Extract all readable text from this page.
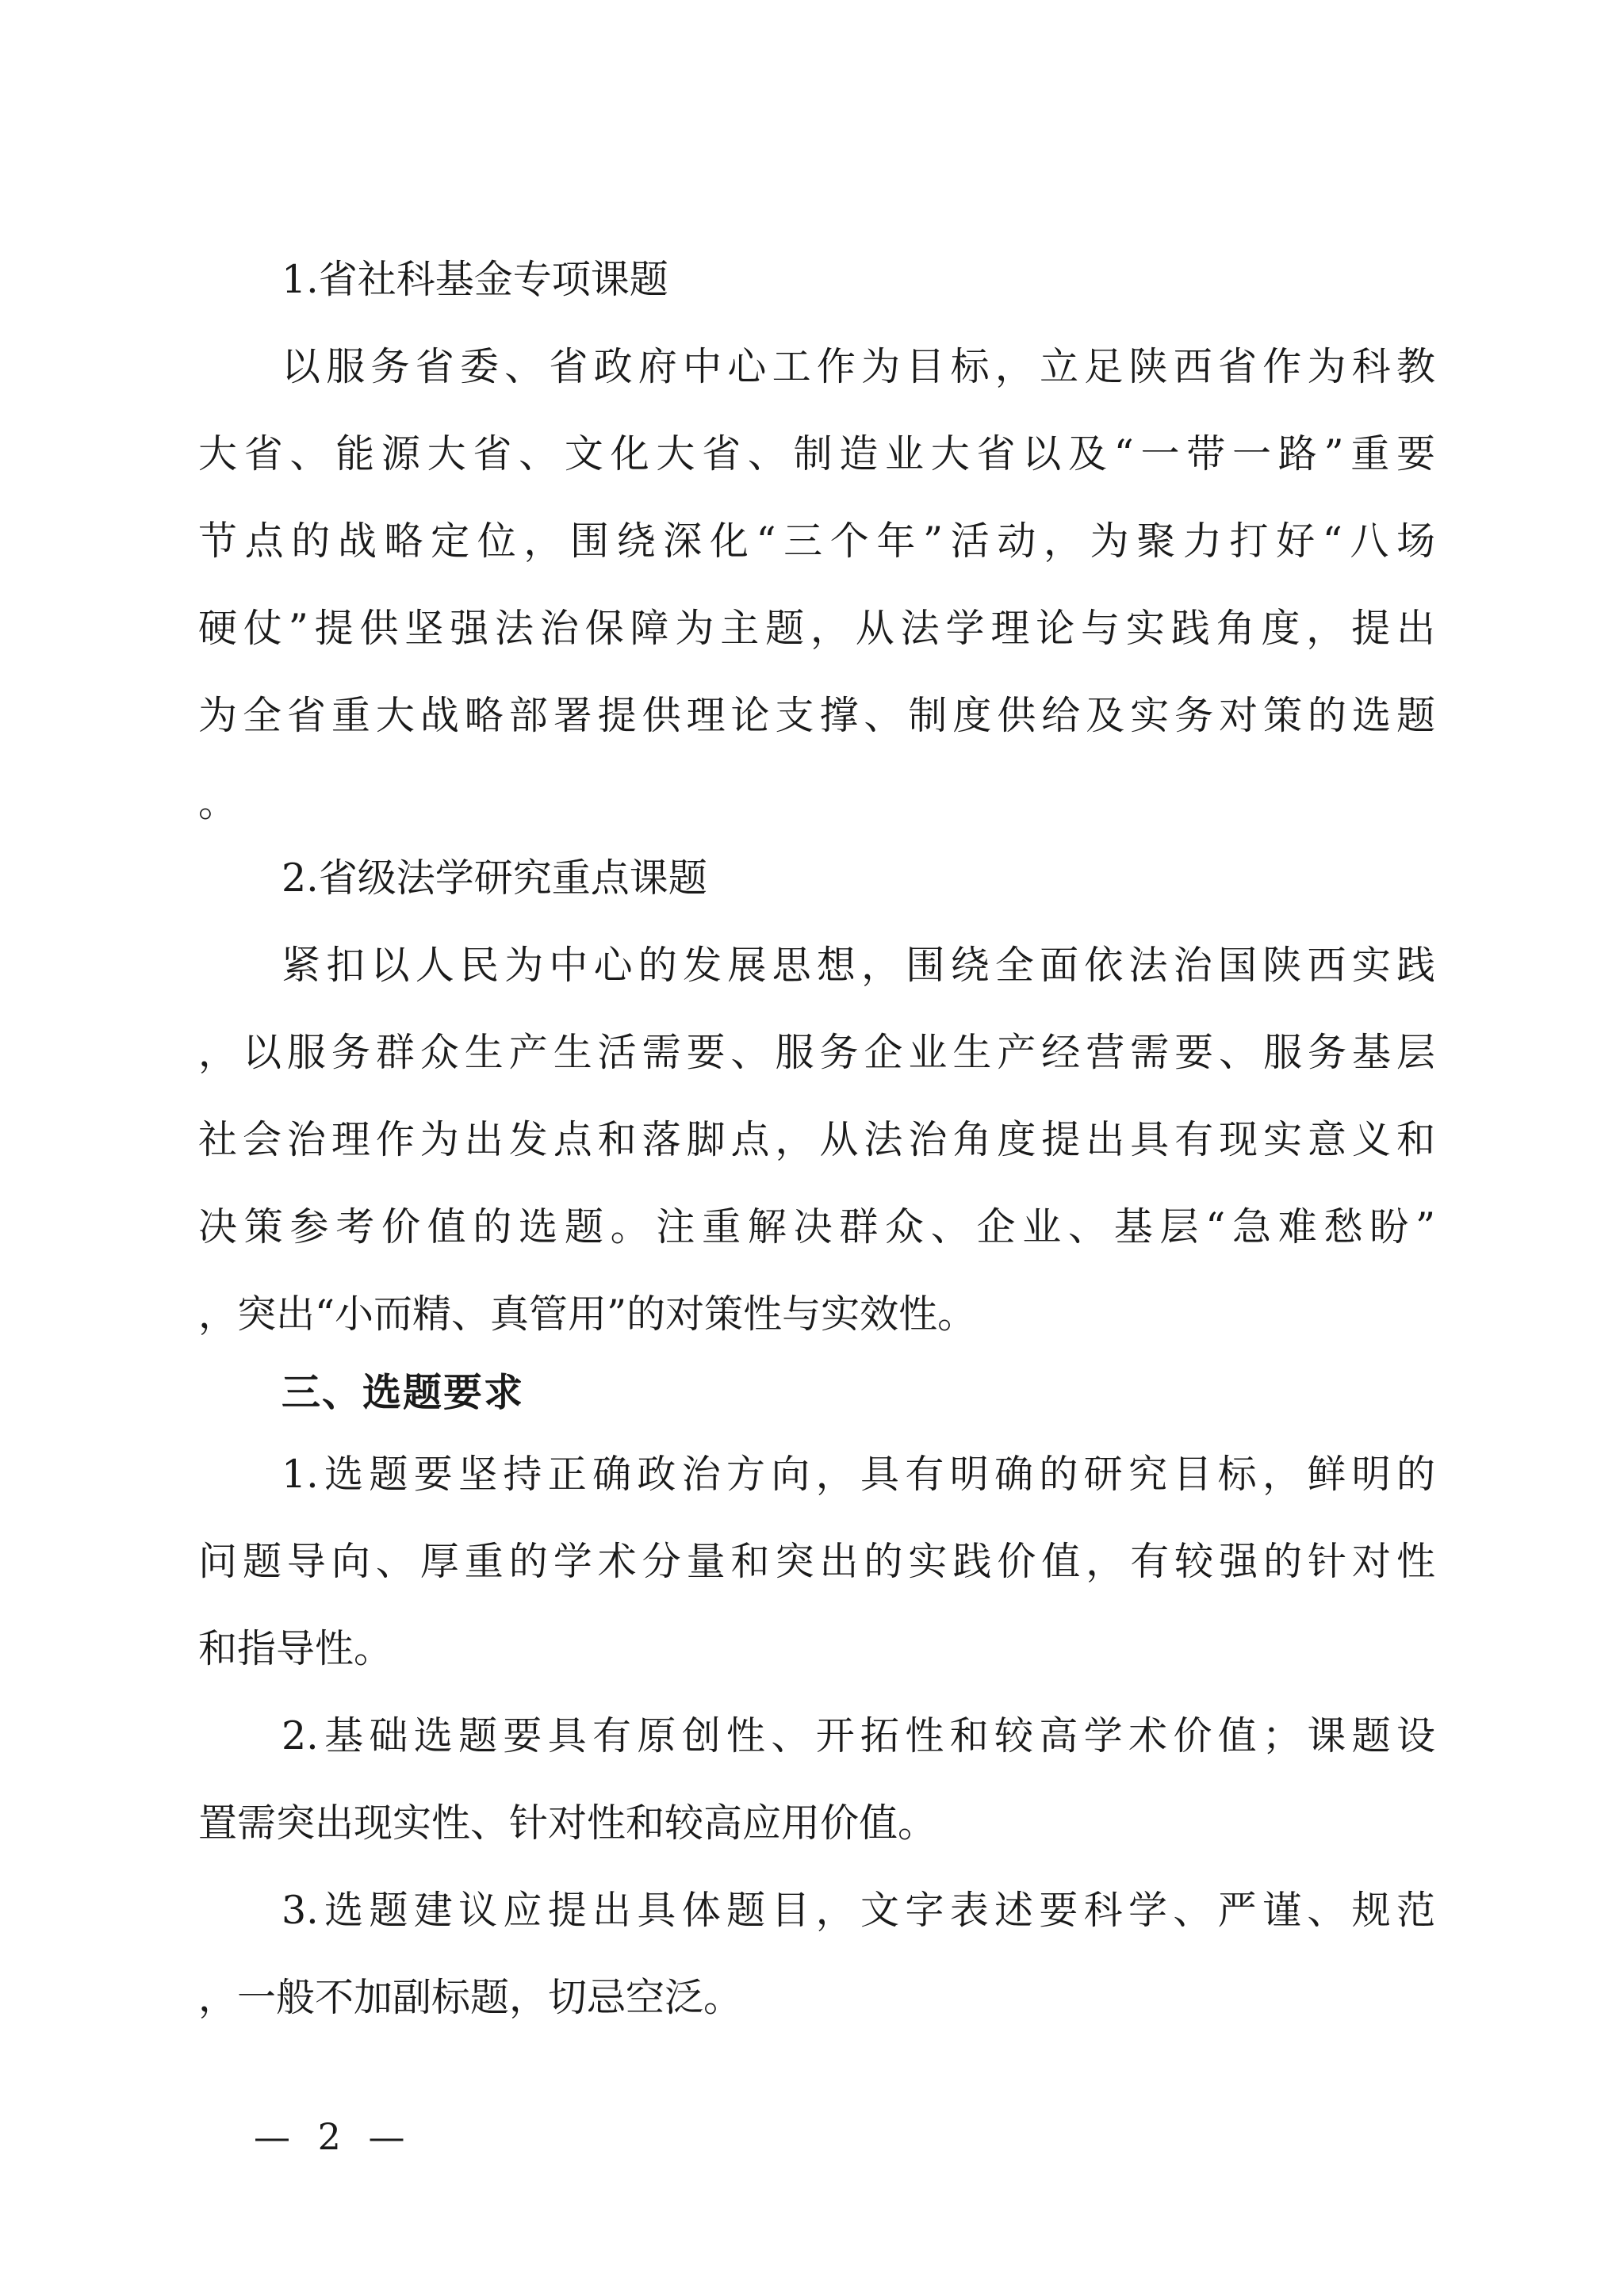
1.省社科基金专项课题
以服务省委、省政府中心工作为目标，立足陕西省作为科教
大省、能源大省、文化大省、制造业大省以及“一带一路”重要
节点的战略定位，围绕深化“三个年”活动，为聚力打好“八场
硬仗”提供坚强法治保障为主题，从法学理论与实践角度，提出
为全省重大战略部署提供理论支撑、制度供给及实务对策的选题
。
2.省级法学研究重点课题
紧扣以人民为中心的发展思想，围绕全面依法治国陕西实践
，以服务群众生产生活需要、服务企业生产经营需要、服务基层
社会治理作为出发点和落脚点，从法治角度提出具有现实意义和
决策参考价值的选题。注重解决群众、企业、基层“急难愁盼”
，突出“小而精、真管用”的对策性与实效性。
三、选题要求
1.选题要坚持正确政治方向，具有明确的研究目标，鲜明的
问题导向、厚重的学术分量和突出的实践价值，有较强的针对性
和指导性。
2.基础选题要具有原创性、开拓性和较高学术价值；课题设
置需突出现实性、针对性和较高应用价值。
3.选题建议应提出具体题目，文字表述要科学、严谨、规范
，一般不加副标题，切忌空泛。
— 2 —
